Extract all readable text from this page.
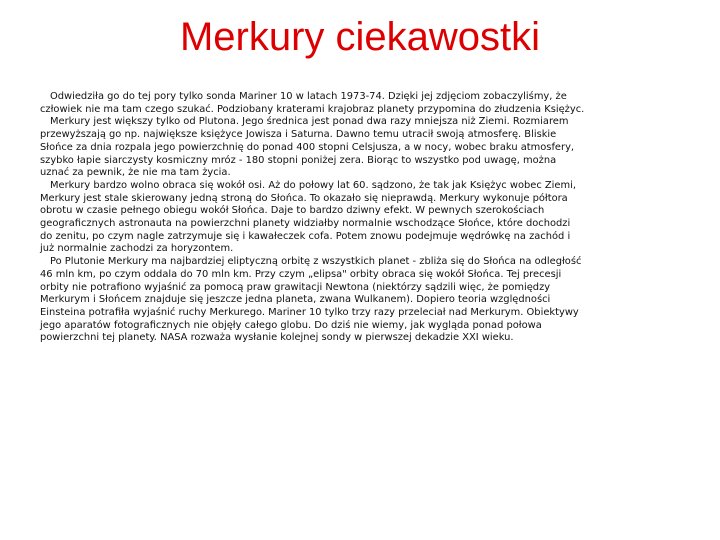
Merkury ciekawostki

Odwiedziła go do tej pory tylko sonda Mariner 10 w latach 1973-74. Dzięki jej zdjęciom zobaczyliśmy, że człowiek nie ma tam czego szukać. Podziobany kraterami krajobraz planety przypomina do złudzenia Księżyc.

Merkury jest większy tylko od Plutona. Jego średnica jest ponad dwa razy mniejsza niż Ziemi. Rozmiarem przewyższają go np. największe księżyce Jowisza i Saturna. Dawno temu utracił swoją atmosferę. Bliskie Słońce za dnia rozpala jego powierzchnię do ponad 400 stopni Celsjusza, a w nocy, wobec braku atmosfery, szybko łapie siarczysty kosmiczny mróz - 180 stopni poniżej zera. Biorąc to wszystko pod uwagę, można uznać za pewnik, że nie ma tam życia.

Merkury bardzo wolno obraca się wokół osi. Aż do połowy lat 60. sądzono, że tak jak Księżyc wobec Ziemi, Merkury jest stale skierowany jedną stroną do Słońca. To okazało się nieprawdą. Merkury wykonuje półtora obrotu w czasie pełnego obiegu wokół Słońca. Daje to bardzo dziwny efekt. W pewnych szerokościach geograficznych astronauta na powierzchni planety widziałby normalnie wschodzące Słońce, które dochodzi do zenitu, po czym nagle zatrzymuje się i kawałeczek cofa. Potem znowu podejmuje wędrówkę na zachód i już normalnie zachodzi za horyzontem.

Po Plutonie Merkury ma najbardziej eliptyczną orbitę z wszystkich planet - zbliża się do Słońca na odległość 46 mln km, po czym oddala do 70 mln km. Przy czym „elipsa" orbity obraca się wokół Słońca. Tej precesji orbity nie potrafiono wyjaśnić za pomocą praw grawitacji Newtona (niektórzy sądzili więc, że pomiędzy Merkurym i Słońcem znajduje się jeszcze jedna planeta, zwana Wulkanem). Dopiero teoria względności Einsteina potrafiła wyjaśnić ruchy Merkurego. Mariner 10 tylko trzy razy przeleciał nad Merkurym. Obiektywy jego aparatów fotograficznych nie objęły całego globu. Do dziś nie wiemy, jak wygląda ponad połowa powierzchni tej planety. NASA rozważa wysłanie kolejnej sondy w pierwszej dekadzie XXI wieku.
